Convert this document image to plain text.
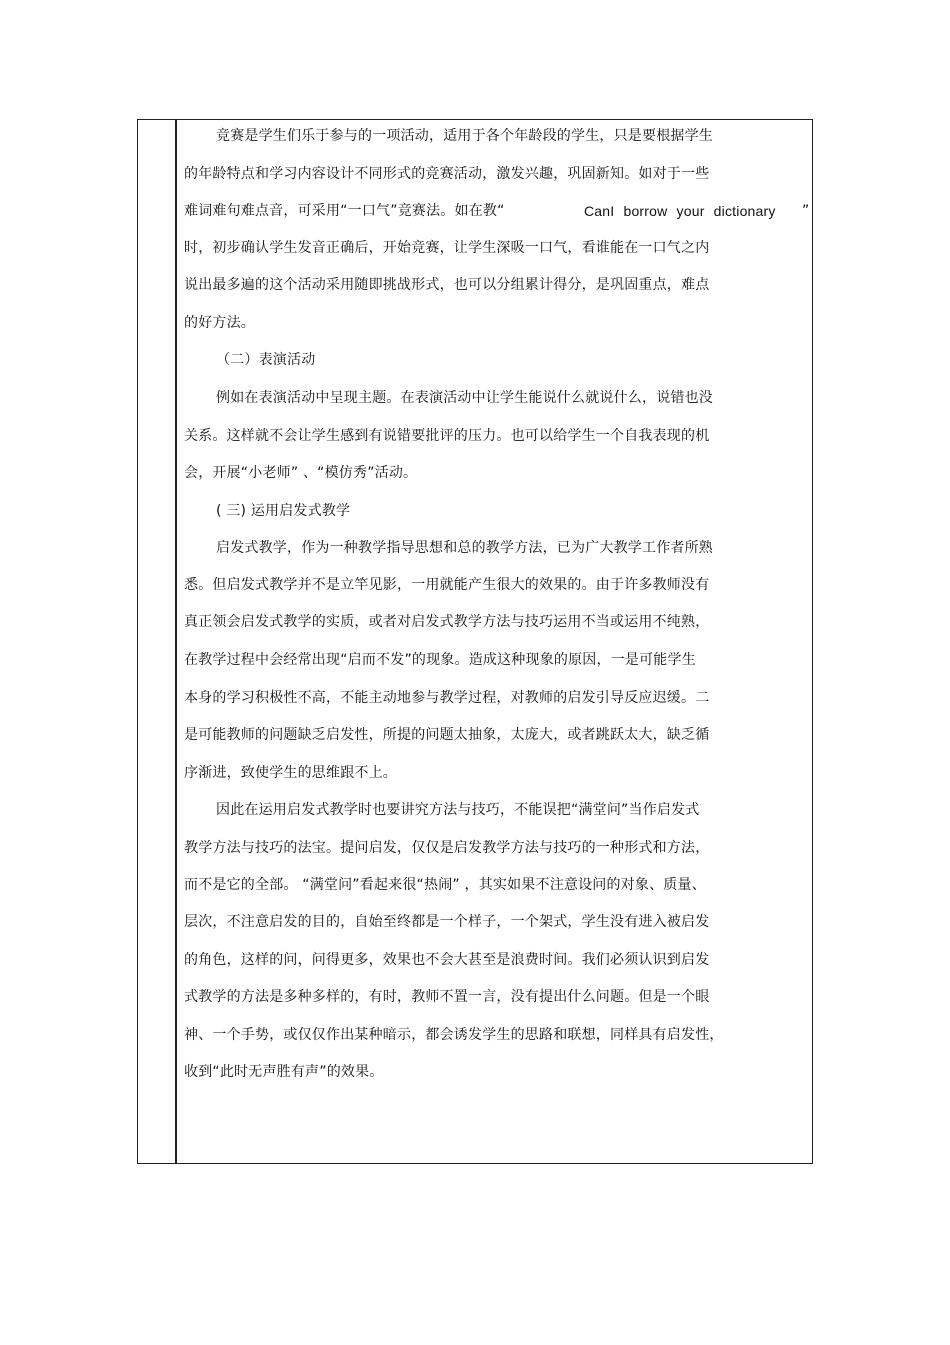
竞赛是学生们乐于参与的一项活动，适用于各个年龄段的学生，只是要根据学生
的年龄特点和学习内容设计不同形式的竞赛活动，激发兴趣，巩固新知。如对于一些
难词难句难点音，可采用“一口气”竞赛法。如在教“	CanI borrow your dictionary ”
时，初步确认学生发音正确后，开始竞赛，让学生深吸一口气，看谁能在一口气之内
说出最多遍的这个活动采用随即挑战形式，也可以分组累计得分，是巩固重点，难点
的好方法。
（二）表演活动
例如在表演活动中呈现主题。在表演活动中让学生能说什么就说什么，说错也没
关系。这样就不会让学生感到有说错要批评的压力。也可以给学生一个自我表现的机
会，开展“小老师” 、“模仿秀”活动。
( 三) 运用启发式教学
启发式教学，作为一种教学指导思想和总的教学方法，已为广大教学工作者所熟
悉。但启发式教学并不是立竿见影，一用就能产生很大的效果的。由于许多教师没有
真正领会启发式教学的实质，或者对启发式教学方法与技巧运用不当或运用不纯熟，
在教学过程中会经常出现“启而不发”的现象。造成这种现象的原因，一是可能学生
本身的学习积极性不高，不能主动地参与教学过程，对教师的启发引导反应迟缓。二
是可能教师的问题缺乏启发性，所提的问题太抽象，太庞大，或者跳跃太大，缺乏循
序渐进，致使学生的思维跟不上。
因此在运用启发式教学时也要讲究方法与技巧，不能误把“满堂问”当作启发式
教学方法与技巧的法宝。提问启发，仅仅是启发教学方法与技巧的一种形式和方法，
而不是它的全部。 “满堂问”看起来很“热闹” ，其实如果不注意设问的对象、质量、
层次，不注意启发的目的，自始至终都是一个样子，一个架式，学生没有进入被启发
的角色，这样的问，问得更多，效果也不会大甚至是浪费时间。我们必须认识到启发
式教学的方法是多种多样的，有时，教师不置一言，没有提出什么问题。但是一个眼
神、一个手势，或仅仅作出某种暗示，都会诱发学生的思路和联想，同样具有启发性，
收到“此时无声胜有声”的效果。
